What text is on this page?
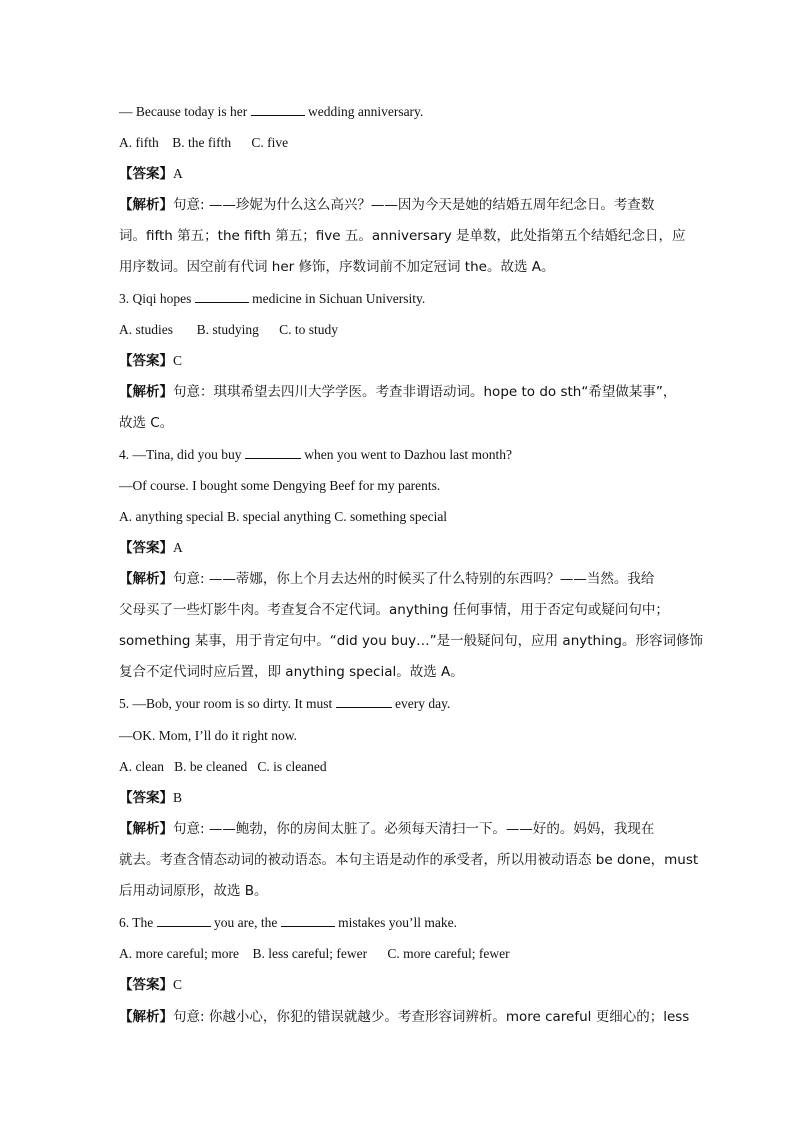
— Because today is her	wedding anniversary.
A. fifth    B. the fifth      C. five
【答案】A
【解析】句意: ——珍妮为什么这么高兴？——因为今天是她的结婚五周年纪念日。考查数
词。fifth 第五；the fifth 第五；five 五。anniversary 是单数，此处指第五个结婚纪念日，应
用序数词。因空前有代词 her 修饰，序数词前不加定冠词 the。故选 A。
3. Qiqi hopes	medicine in Sichuan University.
A. studies       B. studying      C. to study
【答案】C
【解析】句意：琪琪希望去四川大学学医。考查非谓语动词。hope to do sth“希望做某事”，
故选 C。
4. —Tina, did you buy	when you went to Dazhou last month?
—Of course. I bought some Dengying Beef for my parents.
A. anything special B. special anything C. something special
【答案】A
【解析】句意: ——蒂娜，你上个月去达州的时候买了什么特别的东西吗？——当然。我给
父母买了一些灯影牛肉。考查复合不定代词。anything 任何事情，用于否定句或疑问句中；
something 某事，用于肯定句中。“did you buy…”是一般疑问句，应用 anything。形容词修饰
复合不定代词时应后置，即 anything special。故选 A。
5. —Bob, your room is so dirty. It must	every day.
—OK. Mom, I’ll do it right now.
A. clean   B. be cleaned   C. is cleaned
【答案】B
【解析】句意: ——鲍勃，你的房间太脏了。必须每天清扫一下。——好的。妈妈，我现在
就去。考查含情态动词的被动语态。本句主语是动作的承受者，所以用被动语态 be done，must
后用动词原形，故选 B。
6. The	you are, the	mistakes you’ll make.
A. more careful; more    B. less careful; fewer      C. more careful; fewer
【答案】C
【解析】句意: 你越小心，你犯的错误就越少。考查形容词辨析。more careful 更细心的；less
